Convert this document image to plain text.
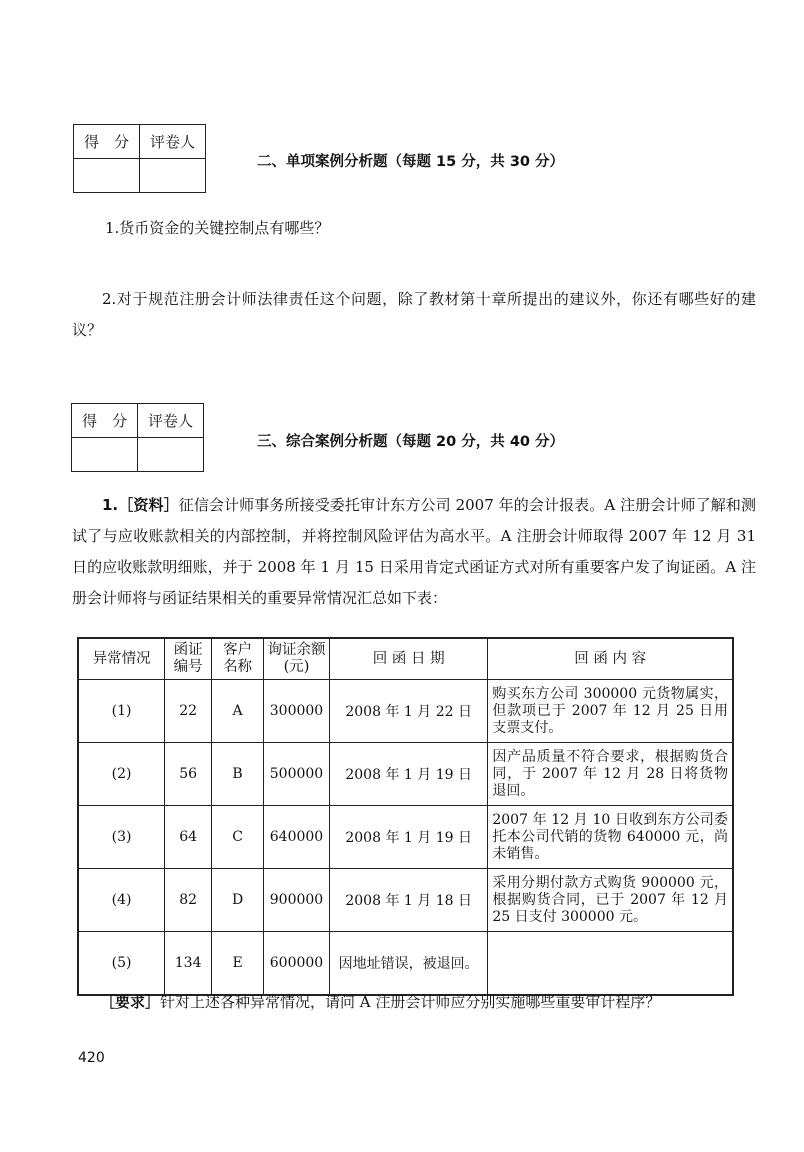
得　分	评卷人

二、单项案例分析题（每题 15 分，共 30 分）
1.货币资金的关键控制点有哪些？
2.对于规范注册会计师法律责任这个问题，除了教材第十章所提出的建议外，你还有哪些好的建议？
得　分	评卷人

三、综合案例分析题（每题 20 分，共 40 分）
1.［资料］征信会计师事务所接受委托审计东方公司 2007 年的会计报表。A 注册会计师了解和测试了与应收账款相关的内部控制，并将控制风险评估为高水平。A 注册会计师取得 2007 年 12 月 31 日的应收账款明细账，并于 2008 年 1 月 15 日采用肯定式函证方式对所有重要客户发了询证函。A 注册会计师将与函证结果相关的重要异常情况汇总如下表：
异常情况	函证编号	客户名称	询证余额(元)	回 函 日 期	回 函 内 容
(1)	22	A	300000	2008 年 1 月 22 日	购买东方公司 300000 元货物属实，但款项已于 2007 年 12 月 25 日用支票支付。
(2)	56	B	500000	2008 年 1 月 19 日	因产品质量不符合要求，根据购货合同，于 2007 年 12 月 28 日将货物退回。
(3)	64	C	640000	2008 年 1 月 19 日	2007 年 12 月 10 日收到东方公司委托本公司代销的货物 640000 元，尚未销售。
(4)	82	D	900000	2008 年 1 月 18 日	采用分期付款方式购货 900000 元，根据购货合同，已于 2007 年 12 月 25 日支付 300000 元。
(5)	134	E	600000	因地址错误，被退回。	
［要求］针对上述各种异常情况，请问 A 注册会计师应分别实施哪些重要审计程序？
420
